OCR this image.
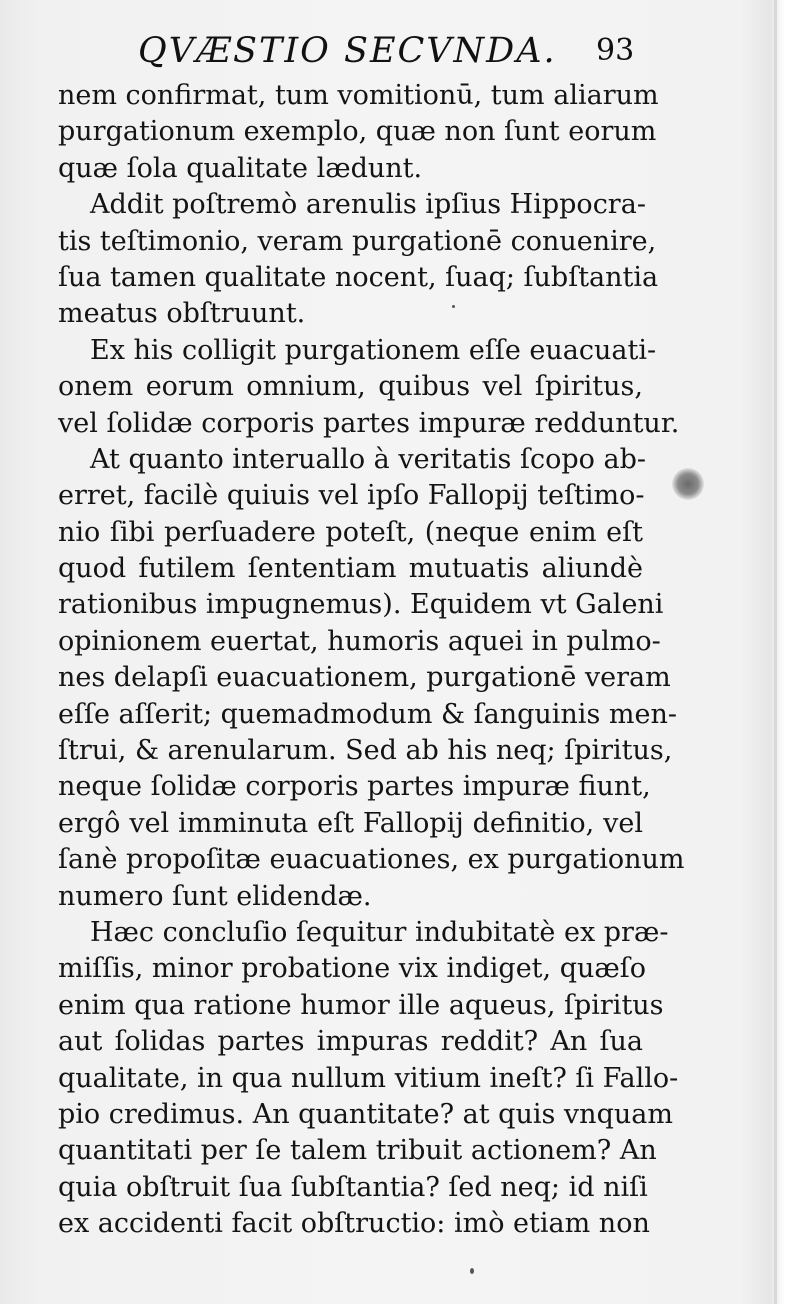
QVÆSTIO SECVNDA.	93
nem confirmat, tum vomitionū, tum aliarum
purgationum exemplo, quæ non ſunt eorum
quæ ſola qualitate lædunt.
Addit poſtremò arenulis ipſius Hippocra-
tis teſtimonio, veram purgationē conuenire,
ſua tamen qualitate nocent, ſuaq; ſubſtantia
meatus obſtruunt.
Ex his colligit purgationem eſſe euacuati-
onem eorum omnium, quibus vel ſpiritus,
vel ſolidæ corporis partes impuræ redduntur.
At quanto interuallo à veritatis ſcopo ab-
erret, facilè quiuis vel ipſo Fallopij teſtimo-
nio ſibi perſuadere poteſt, (neque enim eſt
quod futilem ſententiam mutuatis aliundè
rationibus impugnemus). Equidem vt Galeni
opinionem euertat, humoris aquei in pulmo-
nes delapſi euacuationem, purgationē veram
eſſe aſſerit; quemadmodum & ſanguinis men-
ſtrui, & arenularum. Sed ab his neq; ſpiritus,
neque ſolidæ corporis partes impuræ fiunt,
ergô vel imminuta eſt Fallopij definitio, vel
ſanè propoſitæ euacuationes, ex purgationum
numero ſunt elidendæ.
Hæc concluſio ſequitur indubitatè ex præ-
miſſis, minor probatione vix indiget, quæſo
enim qua ratione humor ille aqueus, ſpiritus
aut ſolidas partes impuras reddit? An ſua
qualitate, in qua nullum vitium ineſt? ſi Fallo-
pio credimus. An quantitate? at quis vnquam
quantitati per ſe talem tribuit actionem? An
quia obſtruit ſua ſubſtantia? ſed neq; id niſi
ex accidenti facit obſtructio: imò etiam non
